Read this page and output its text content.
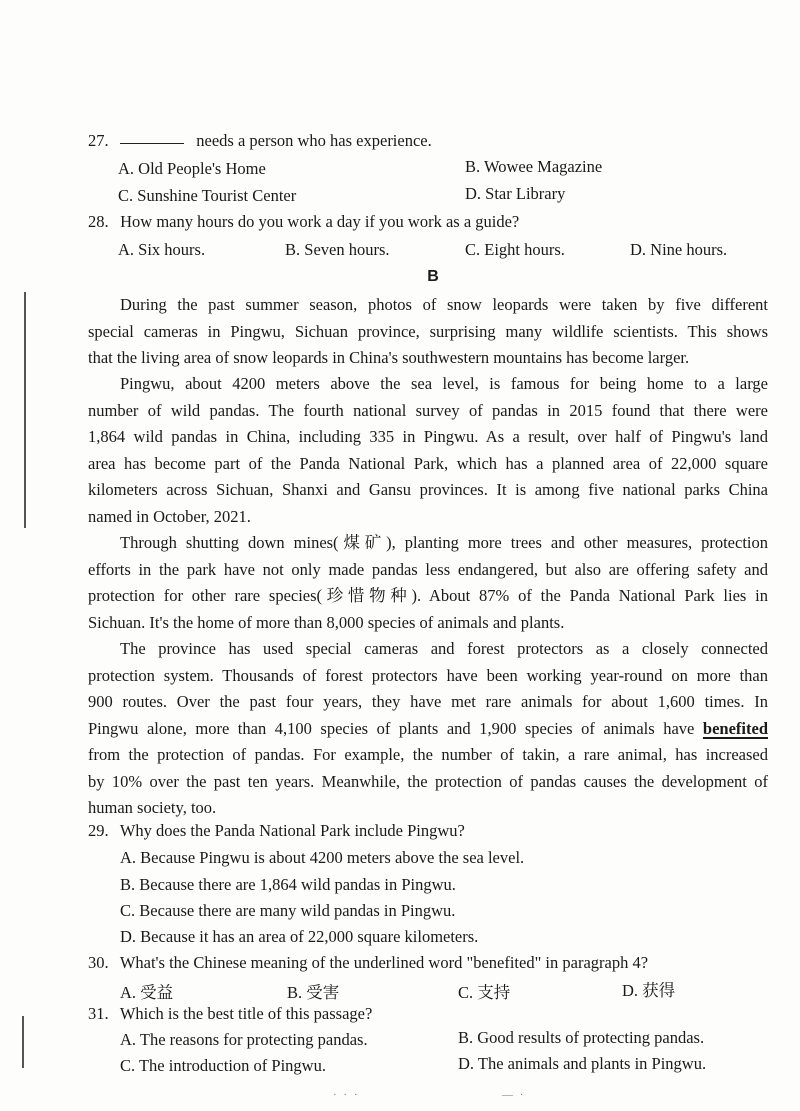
27.	needs a person who has experience.
A. Old People's Home	B. Wowee Magazine
C. Sunshine Tourist Center	D. Star Library
28. How many hours do you work a day if you work as a guide?
A. Six hours.	B. Seven hours.	C. Eight hours.	D. Nine hours.
B
During the past summer season, photos of snow leopards were taken by five different
special cameras in Pingwu, Sichuan province, surprising many wildlife scientists. This shows
that the living area of snow leopards in China's southwestern mountains has become larger.
Pingwu, about 4200 meters above the sea level, is famous for being home to a large
number of wild pandas. The fourth national survey of pandas in 2015 found that there were
1,864 wild pandas in China, including 335 in Pingwu. As a result, over half of Pingwu's land
area has become part of the Panda National Park, which has a planned area of 22,000 square
kilometers across Sichuan, Shanxi and Gansu provinces. It is among five national parks China
named in October, 2021.
Through shutting down mines(煤矿), planting more trees and other measures, protection
efforts in the park have not only made pandas less endangered, but also are offering safety and
protection for other rare species(珍惜物种). About 87% of the Panda National Park lies in
Sichuan. It's the home of more than 8,000 species of animals and plants.
The province has used special cameras and forest protectors as a closely connected
protection system. Thousands of forest protectors have been working year-round on more than
900 routes. Over the past four years, they have met rare animals for about 1,600 times. In
Pingwu alone, more than 4,100 species of plants and 1,900 species of animals have benefited
from the protection of pandas. For example, the number of takin, a rare animal, has increased
by 10% over the past ten years. Meanwhile, the protection of pandas causes the development of
human society, too.
29. Why does the Panda National Park include Pingwu?
A. Because Pingwu is about 4200 meters above the sea level.
B. Because there are 1,864 wild pandas in Pingwu.
C. Because there are many wild pandas in Pingwu.
D. Because it has an area of 22,000 square kilometers.
30. What's the Chinese meaning of the underlined word "benefited" in paragraph 4?
A. 受益	B. 受害	C. 支持	D. 获得
31. Which is the best title of this passage?
A. The reasons for protecting pandas.	B. Good results of protecting pandas.
C. The introduction of Pingwu.	D. The animals and plants in Pingwu.
· · ·	— ·
